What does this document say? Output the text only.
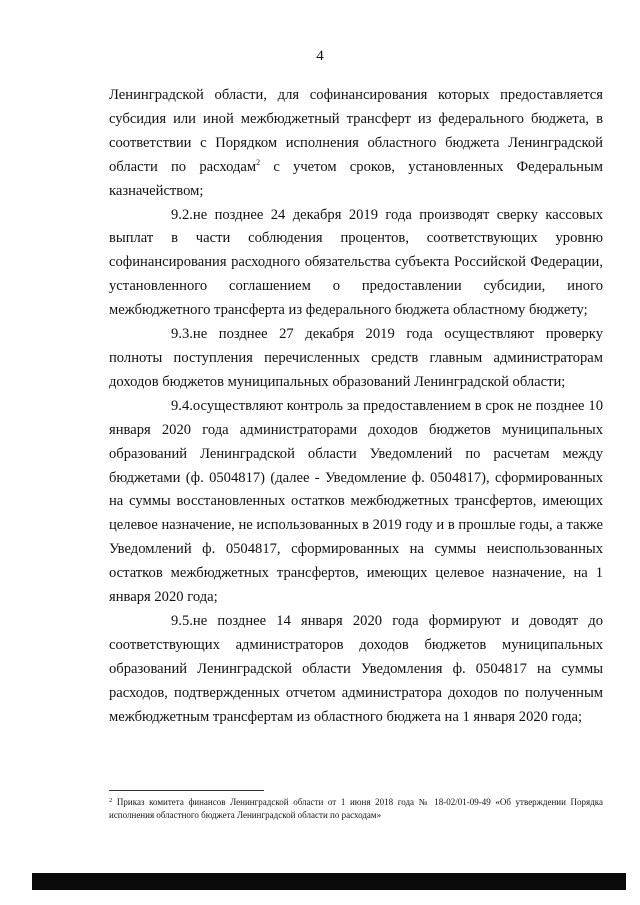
4

Ленинградской области, для софинансирования которых предоставляется субсидия или иной межбюджетный трансферт из федерального бюджета, в соответствии с Порядком исполнения областного бюджета Ленинградской области по расходам$^2$ с учетом сроков, установленных Федеральным казначейством;

9.2.не позднее 24 декабря 2019 года производят сверку кассовых выплат в части соблюдения процентов, соответствующих уровню софинансирования расходного обязательства субъекта Российской Федерации, установленного соглашением о предоставлении субсидии, иного межбюджетного трансферта из федерального бюджета областному бюджету;

9.3.не позднее 27 декабря 2019 года осуществляют проверку полноты поступления перечисленных средств главным администраторам доходов бюджетов муниципальных образований Ленинградской области;

9.4.осуществляют контроль за предоставлением в срок не позднее 10 января 2020 года администраторами доходов бюджетов муниципальных образований Ленинградской области Уведомлений по расчетам между бюджетами (ф. 0504817) (далее - Уведомление ф. 0504817), сформированных на суммы восстановленных остатков межбюджетных трансфертов, имеющих целевое назначение, не использованных в 2019 году и в прошлые годы, а также Уведомлений ф. 0504817, сформированных на суммы неиспользованных остатков межбюджетных трансфертов, имеющих целевое назначение, на 1 января 2020 года;

9.5.не позднее 14 января 2020 года формируют и доводят до соответствующих администраторов доходов бюджетов муниципальных образований Ленинградской области Уведомления ф. 0504817 на суммы расходов, подтвержденных отчетом администратора доходов по полученным межбюджетным трансфертам из областного бюджета на 1 января 2020 года;

$^2$ Приказ комитета финансов Ленинградской области от 1 июня 2018 года № 18-02/01-09-49 «Об утверждении Порядка исполнения областного бюджета Ленинградской области по расходам»
